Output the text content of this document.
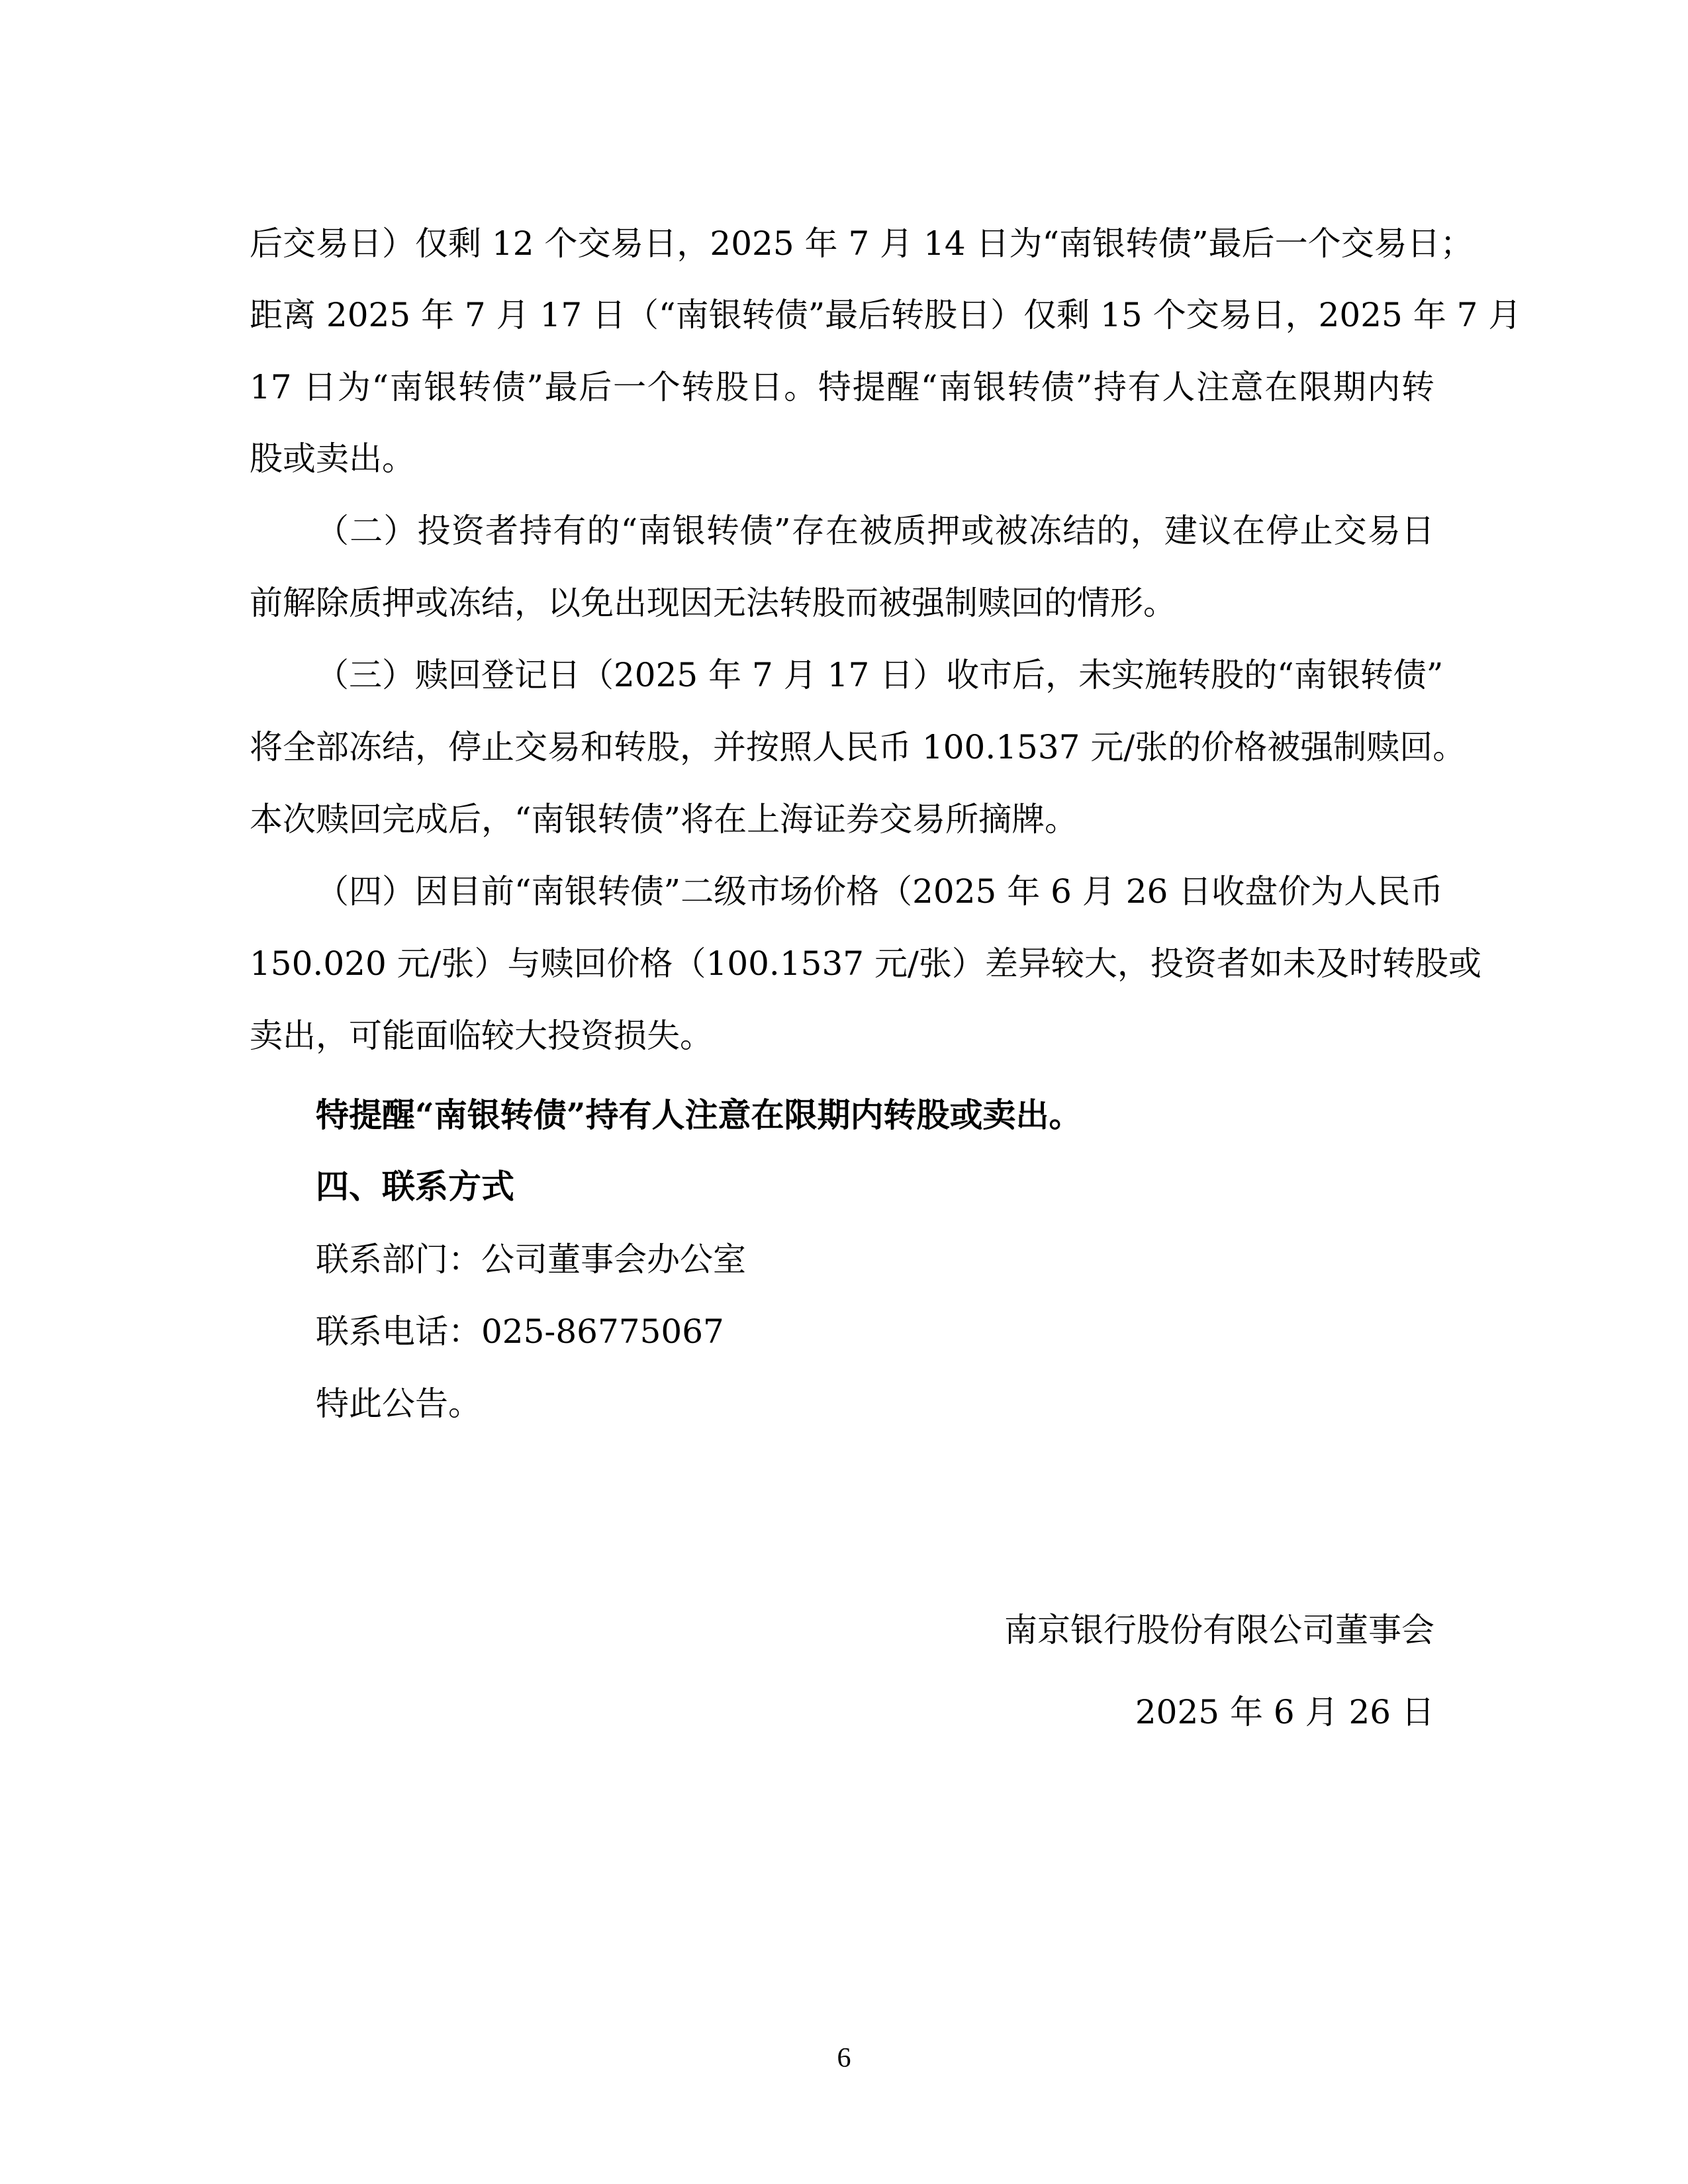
后交易日）仅剩 12 个交易日，2025 年 7 月 14 日为“南银转债”最后一个交易日；
距离 2025 年 7 月 17 日（“南银转债”最后转股日）仅剩 15 个交易日，2025 年 7 月
17 日为“南银转债”最后一个转股日。特提醒“南银转债”持有人注意在限期内转
股或卖出。
（二）投资者持有的“南银转债”存在被质押或被冻结的，建议在停止交易日
前解除质押或冻结，以免出现因无法转股而被强制赎回的情形。
（三）赎回登记日（2025 年 7 月 17 日）收市后，未实施转股的“南银转债”
将全部冻结，停止交易和转股，并按照人民币 100.1537 元/张的价格被强制赎回。
本次赎回完成后，“南银转债”将在上海证券交易所摘牌。
（四）因目前“南银转债”二级市场价格（2025 年 6 月 26 日收盘价为人民币
150.020 元/张）与赎回价格（100.1537 元/张）差异较大，投资者如未及时转股或
卖出，可能面临较大投资损失。
特提醒“南银转债”持有人注意在限期内转股或卖出。
四、联系方式
联系部门：公司董事会办公室
联系电话：025-86775067
特此公告。
南京银行股份有限公司董事会
2025 年 6 月 26 日
6
